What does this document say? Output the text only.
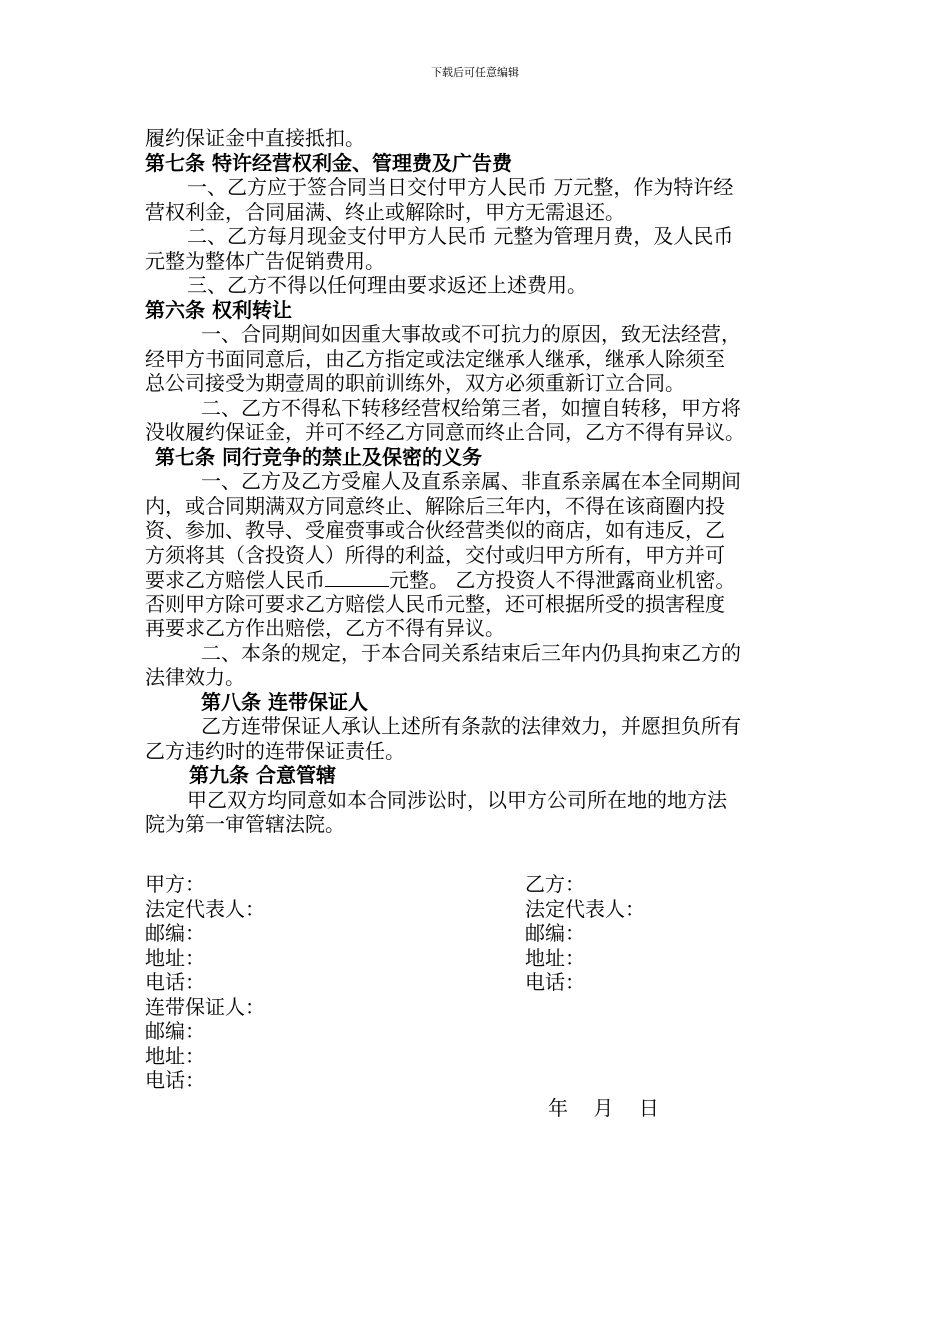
下载后可任意编辑
履约保证金中直接抵扣。
第七条 特许经营权利金、管理费及广告费
一、乙方应于签合同当日交付甲方人民币 万元整，作为特许经
营权利金，合同届满、终止或解除时，甲方无需退还。
二、乙方每月现金支付甲方人民币 元整为管理月费，及人民币
元整为整体广告促销费用。
三、乙方不得以任何理由要求返还上述费用。
第六条 权利转让
一、合同期间如因重大事故或不可抗力的原因，致无法经营，
经甲方书面同意后，由乙方指定或法定继承人继承，继承人除须至
总公司接受为期壹周的职前训练外，双方必须重新订立合同。
二、乙方不得私下转移经营权给第三者，如擅自转移，甲方将
没收履约保证金，并可不经乙方同意而终止合同，乙方不得有异议。
第七条 同行竞争的禁止及保密的义务
一、乙方及乙方受雇人及直系亲属、非直系亲属在本全同期间
内，或合同期满双方同意终止、解除后三年内，不得在该商圈内投
资、参加、教导、受雇赍事或合伙经营类似的商店，如有违反，乙
方须将其（含投资人）所得的利益，交付或归甲方所有，甲方并可
要求乙方赔偿人民币	元整。 乙方投资人不得泄露商业机密。
否则甲方除可要求乙方赔偿人民币元整，还可根据所受的损害程度
再要求乙方作出赔偿，乙方不得有异议。
二、本条的规定，于本合同关系结束后三年内仍具拘束乙方的
法律效力。
第八条 连带保证人
乙方连带保证人承认上述所有条款的法律效力，并愿担负所有
乙方违约时的连带保证责任。
第九条 合意管辖
甲乙双方均同意如本合同涉讼时，以甲方公司所在地的地方法
院为第一审管辖法院。
甲方：	乙方：
法定代表人：	法定代表人：
邮编：	邮编：
地址：	地址：
电话：	电话：
连带保证人：
邮编：
地址：
电话：
年    月    日
